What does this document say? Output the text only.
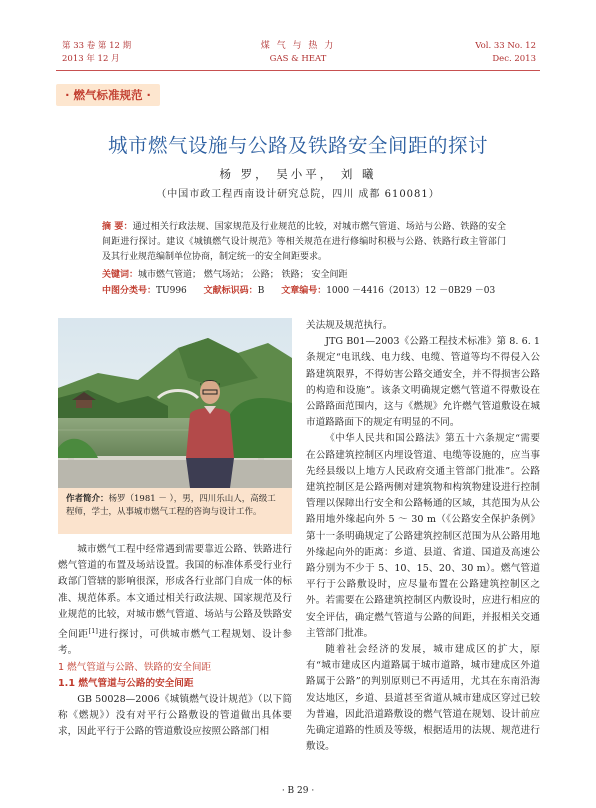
第 33 卷 第 12 期
2013 年 12 月
煤 气 与 热 力
GAS & HEAT
Vol. 33 No. 12
Dec. 2013
· 燃气标准规范 ·
城市燃气设施与公路及铁路安全间距的探讨
杨 罗， 吴小平， 刘 曦
（中国市政工程西南设计研究总院，四川 成都 610081）
摘 要：通过相关行政法规、国家规范及行业规范的比较，对城市燃气管道、场站与公路、铁路的安全间距进行探讨。建议《城镇燃气设计规范》等相关规范在进行修编时积极与公路、铁路行政主管部门及其行业规范编制单位协商，制定统一的安全间距要求。
关键词：城市燃气管道； 燃气场站； 公路； 铁路； 安全间距
中图分类号：TU996 文献标识码：B 文章编号：1000 －4416（2013）12 －0B29 －03
作者简介：杨罗（1981 － ），男，四川乐山人，高级工程师，学士，从事城市燃气工程的咨询与设计工作。

城市燃气工程中经常遇到需要靠近公路、铁路进行燃气管道的布置及场站设置。我国的标准体系受行业行政部门管辖的影响很深，形成各行业部门自成一体的标准、规范体系。本文通过相关行政法规、国家规范及行业规范的比较，对城市燃气管道、场站与公路及铁路安全间距[1]进行探讨，可供城市燃气工程规划、设计参考。

1 燃气管道与公路、铁路的安全间距

1.1 燃气管道与公路的安全间距

GB 50028—2006《城镇燃气设计规范》（以下简称《燃规》）没有对平行公路敷设的管道做出具体要求，因此平行于公路的管道敷设应按照公路部门相

关法规及规范执行。

JTG B01—2003《公路工程技术标准》第 8. 6. 1 条规定“电讯线、电力线、电缆、管道等均不得侵入公路建筑限界，不得妨害公路交通安全，并不得损害公路的构造和设施”。该条文明确规定燃气管道不得敷设在公路路面范围内，这与《燃规》允许燃气管道敷设在城市道路路面下的规定有明显的不同。

《中华人民共和国公路法》第五十六条规定“需要在公路建筑控制区内埋设管道、电缆等设施的，应当事先经县级以上地方人民政府交通主管部门批准”。公路建筑控制区是公路两侧对建筑物和构筑物建设进行控制管理以保障出行安全和公路畅通的区域，其范围为从公路用地外缘起向外 5 ～ 30 m（《公路安全保护条例》第十一条明确规定了公路建筑控制区范围为从公路用地外缘起向外的距离：乡道、县道、省道、国道及高速公路分别为不少于 5、10、15、20、30 m）。燃气管道平行于公路敷设时，应尽量布置在公路建筑控制区之外。若需要在公路建筑控制区内敷设时，应进行相应的安全评估，确定燃气管道与公路的间距，并报相关交通主管部门批准。

随着社会经济的发展，城市建成区的扩大，原有“城市建成区内道路属于城市道路，城市建成区外道路属于公路”的判别原则已不再适用，尤其在东南沿海发达地区，乡道、县道甚至省道从城市建成区穿过已较为普遍，因此沿道路敷设的燃气管道在规划、设计前应先确定道路的性质及等级，根据适用的法规、规范进行敷设。

· B 29 ·
